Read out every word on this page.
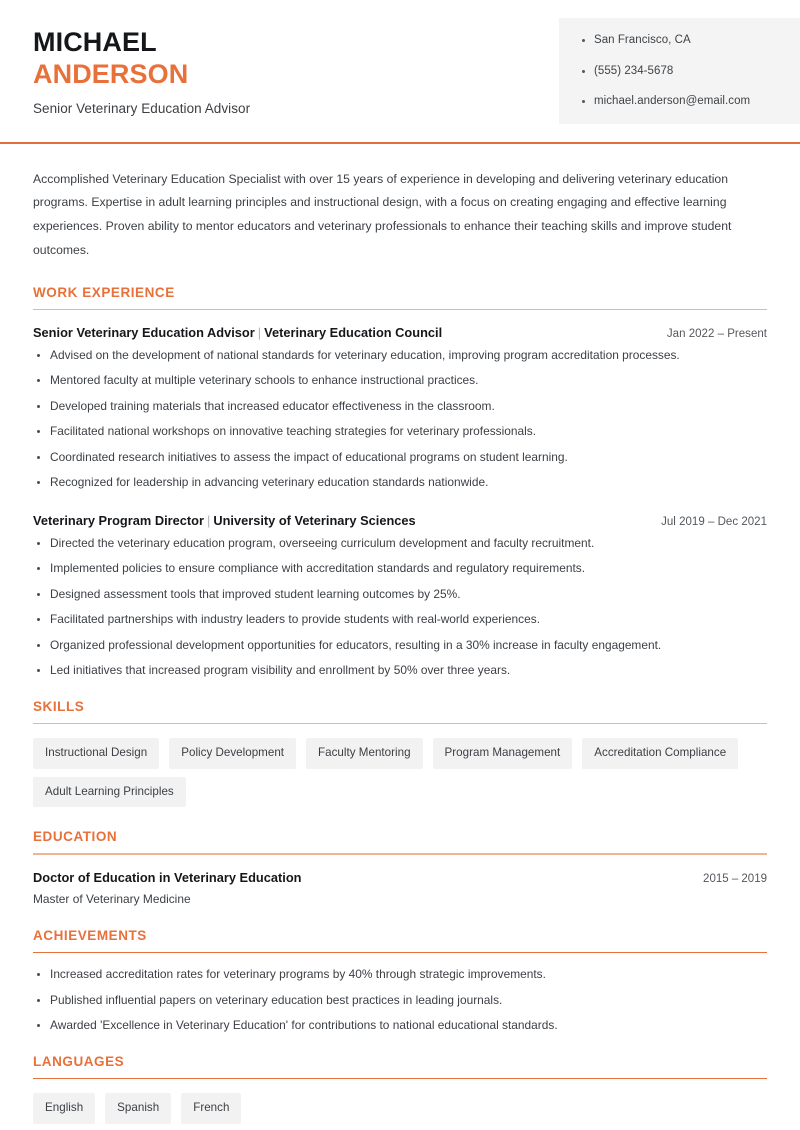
MICHAEL
ANDERSON
Senior Veterinary Education Advisor
San Francisco, CA
(555) 234-5678
michael.anderson@email.com

Accomplished Veterinary Education Specialist with over 15 years of experience in developing and delivering veterinary education programs. Expertise in adult learning principles and instructional design, with a focus on creating engaging and effective learning experiences. Proven ability to mentor educators and veterinary professionals to enhance their teaching skills and improve student outcomes.

WORK EXPERIENCE
Senior Veterinary Education Advisor | Veterinary Education Council	Jan 2022 – Present
Advised on the development of national standards for veterinary education, improving program accreditation processes.
Mentored faculty at multiple veterinary schools to enhance instructional practices.
Developed training materials that increased educator effectiveness in the classroom.
Facilitated national workshops on innovative teaching strategies for veterinary professionals.
Coordinated research initiatives to assess the impact of educational programs on student learning.
Recognized for leadership in advancing veterinary education standards nationwide.
Veterinary Program Director | University of Veterinary Sciences	Jul 2019 – Dec 2021
Directed the veterinary education program, overseeing curriculum development and faculty recruitment.
Implemented policies to ensure compliance with accreditation standards and regulatory requirements.
Designed assessment tools that improved student learning outcomes by 25%.
Facilitated partnerships with industry leaders to provide students with real-world experiences.
Organized professional development opportunities for educators, resulting in a 30% increase in faculty engagement.
Led initiatives that increased program visibility and enrollment by 50% over three years.
SKILLS
Instructional Design	Policy Development	Faculty Mentoring	Program Management	Accreditation Compliance
Adult Learning Principles
EDUCATION
Doctor of Education in Veterinary Education	2015 – 2019
Master of Veterinary Medicine
ACHIEVEMENTS
Increased accreditation rates for veterinary programs by 40% through strategic improvements.
Published influential papers on veterinary education best practices in leading journals.
Awarded 'Excellence in Veterinary Education' for contributions to national educational standards.
LANGUAGES
English	Spanish	French
